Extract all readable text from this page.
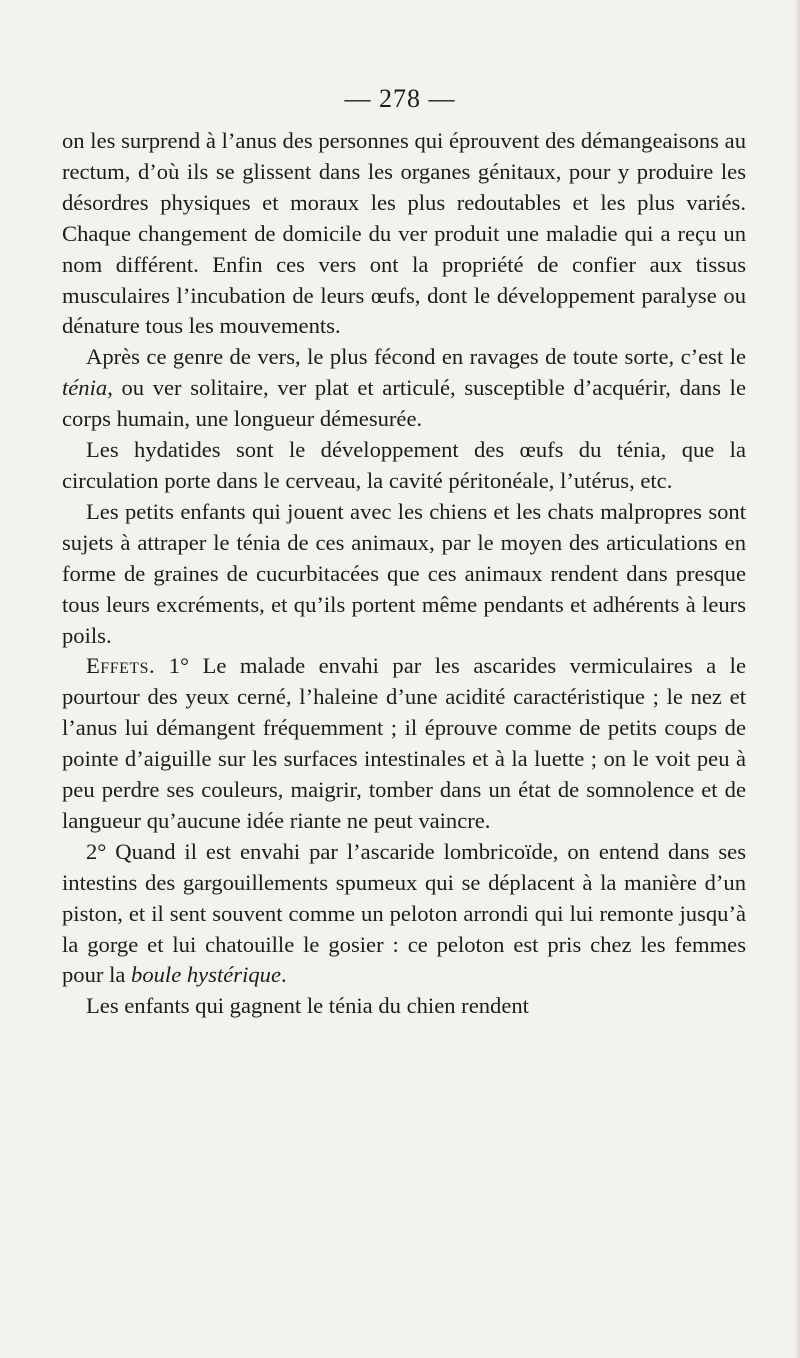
— 278 —

on les surprend à l’anus des personnes qui éprouvent des démangeaisons au rectum, d’où ils se glissent dans les organes génitaux, pour y produire les désordres physiques et moraux les plus redoutables et les plus variés. Chaque changement de domicile du ver produit une maladie qui a reçu un nom différent. Enfin ces vers ont la propriété de confier aux tissus musculaires l’incubation de leurs œufs, dont le développement paralyse ou dénature tous les mouvements.

Après ce genre de vers, le plus fécond en ravages de toute sorte, c’est le ténia, ou ver solitaire, ver plat et articulé, susceptible d’acquérir, dans le corps humain, une longueur démesurée.

Les hydatides sont le développement des œufs du ténia, que la circulation porte dans le cerveau, la cavité péritonéale, l’utérus, etc.

Les petits enfants qui jouent avec les chiens et les chats malpropres sont sujets à attraper le ténia de ces animaux, par le moyen des articulations en forme de graines de cucurbitacées que ces animaux rendent dans presque tous leurs excréments, et qu’ils portent même pendants et adhérents à leurs poils.

Effets. 1° Le malade envahi par les ascarides vermiculaires a le pourtour des yeux cerné, l’haleine d’une acidité caractéristique ; le nez et l’anus lui démangent fréquemment ; il éprouve comme de petits coups de pointe d’aiguille sur les surfaces intestinales et à la luette ; on le voit peu à peu perdre ses couleurs, maigrir, tomber dans un état de somnolence et de langueur qu’aucune idée riante ne peut vaincre.

2° Quand il est envahi par l’ascaride lombricoïde, on entend dans ses intestins des gargouillements spumeux qui se déplacent à la manière d’un piston, et il sent souvent comme un peloton arrondi qui lui remonte jusqu’à la gorge et lui chatouille le gosier : ce peloton est pris chez les femmes pour la boule hystérique.

Les enfants qui gagnent le ténia du chien rendent
